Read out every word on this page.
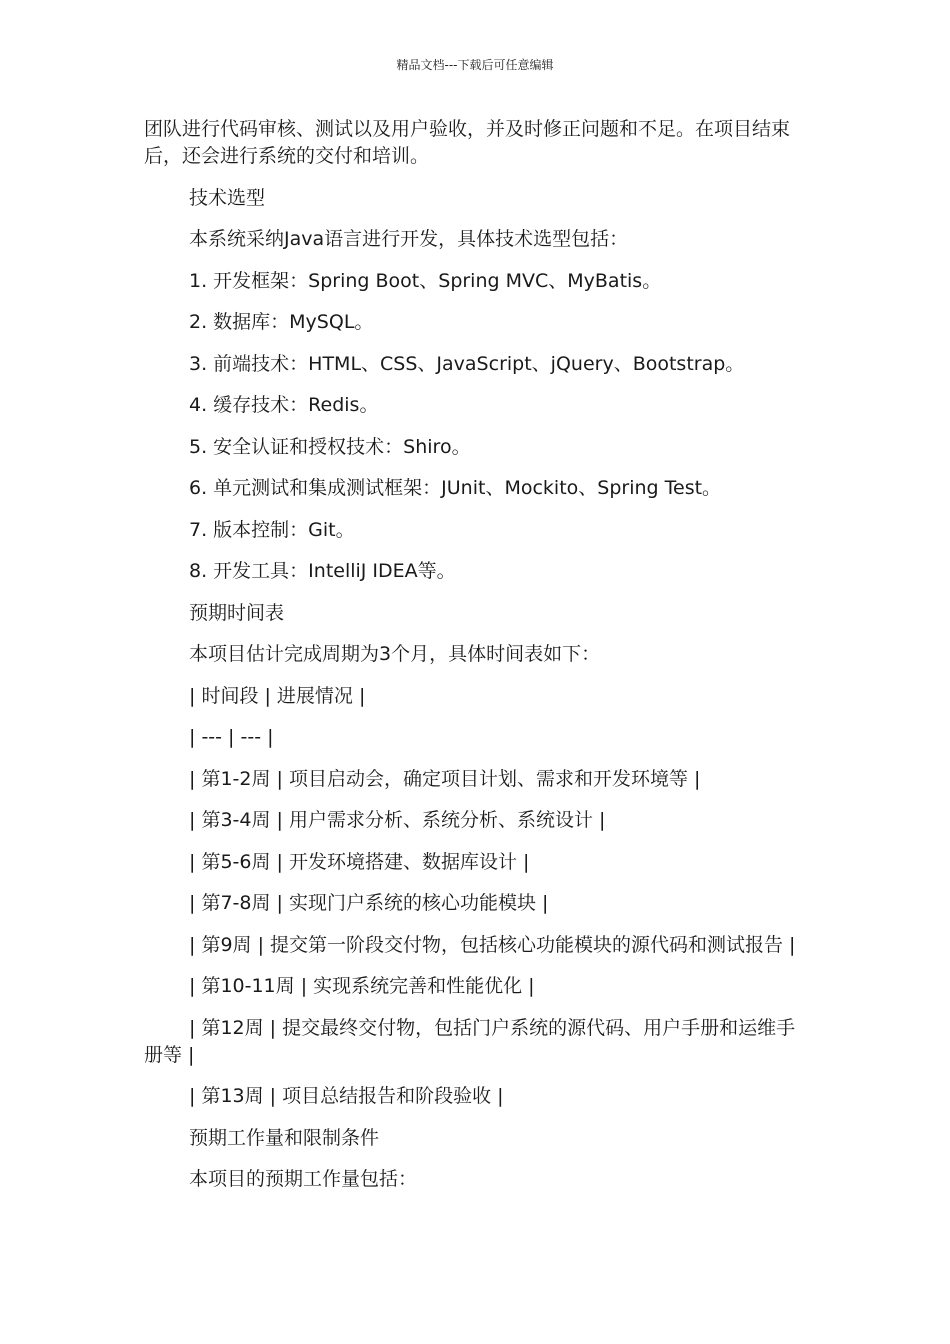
精品文档---下载后可任意编辑

团队进行代码审核、测试以及用户验收，并及时修正问题和不足。在项目结束后，还会进行系统的交付和培训。

技术选型

本系统采纳Java语言进行开发，具体技术选型包括：

1. 开发框架：Spring Boot、Spring MVC、MyBatis。

2. 数据库：MySQL。

3. 前端技术：HTML、CSS、JavaScript、jQuery、Bootstrap。

4. 缓存技术：Redis。

5. 安全认证和授权技术：Shiro。

6. 单元测试和集成测试框架：JUnit、Mockito、Spring Test。

7. 版本控制：Git。

8. 开发工具：IntelliJ IDEA等。

预期时间表

本项目估计完成周期为3个月，具体时间表如下：

| 时间段 | 进展情况 |

| --- | --- |

| 第1-2周 | 项目启动会，确定项目计划、需求和开发环境等 |

| 第3-4周 | 用户需求分析、系统分析、系统设计 |

| 第5-6周 | 开发环境搭建、数据库设计 |

| 第7-8周 | 实现门户系统的核心功能模块 |

| 第9周 | 提交第一阶段交付物，包括核心功能模块的源代码和测试报告 |

| 第10-11周 | 实现系统完善和性能优化 |

| 第12周 | 提交最终交付物，包括门户系统的源代码、用户手册和运维手册等 |

| 第13周 | 项目总结报告和阶段验收 |

预期工作量和限制条件

本项目的预期工作量包括：
